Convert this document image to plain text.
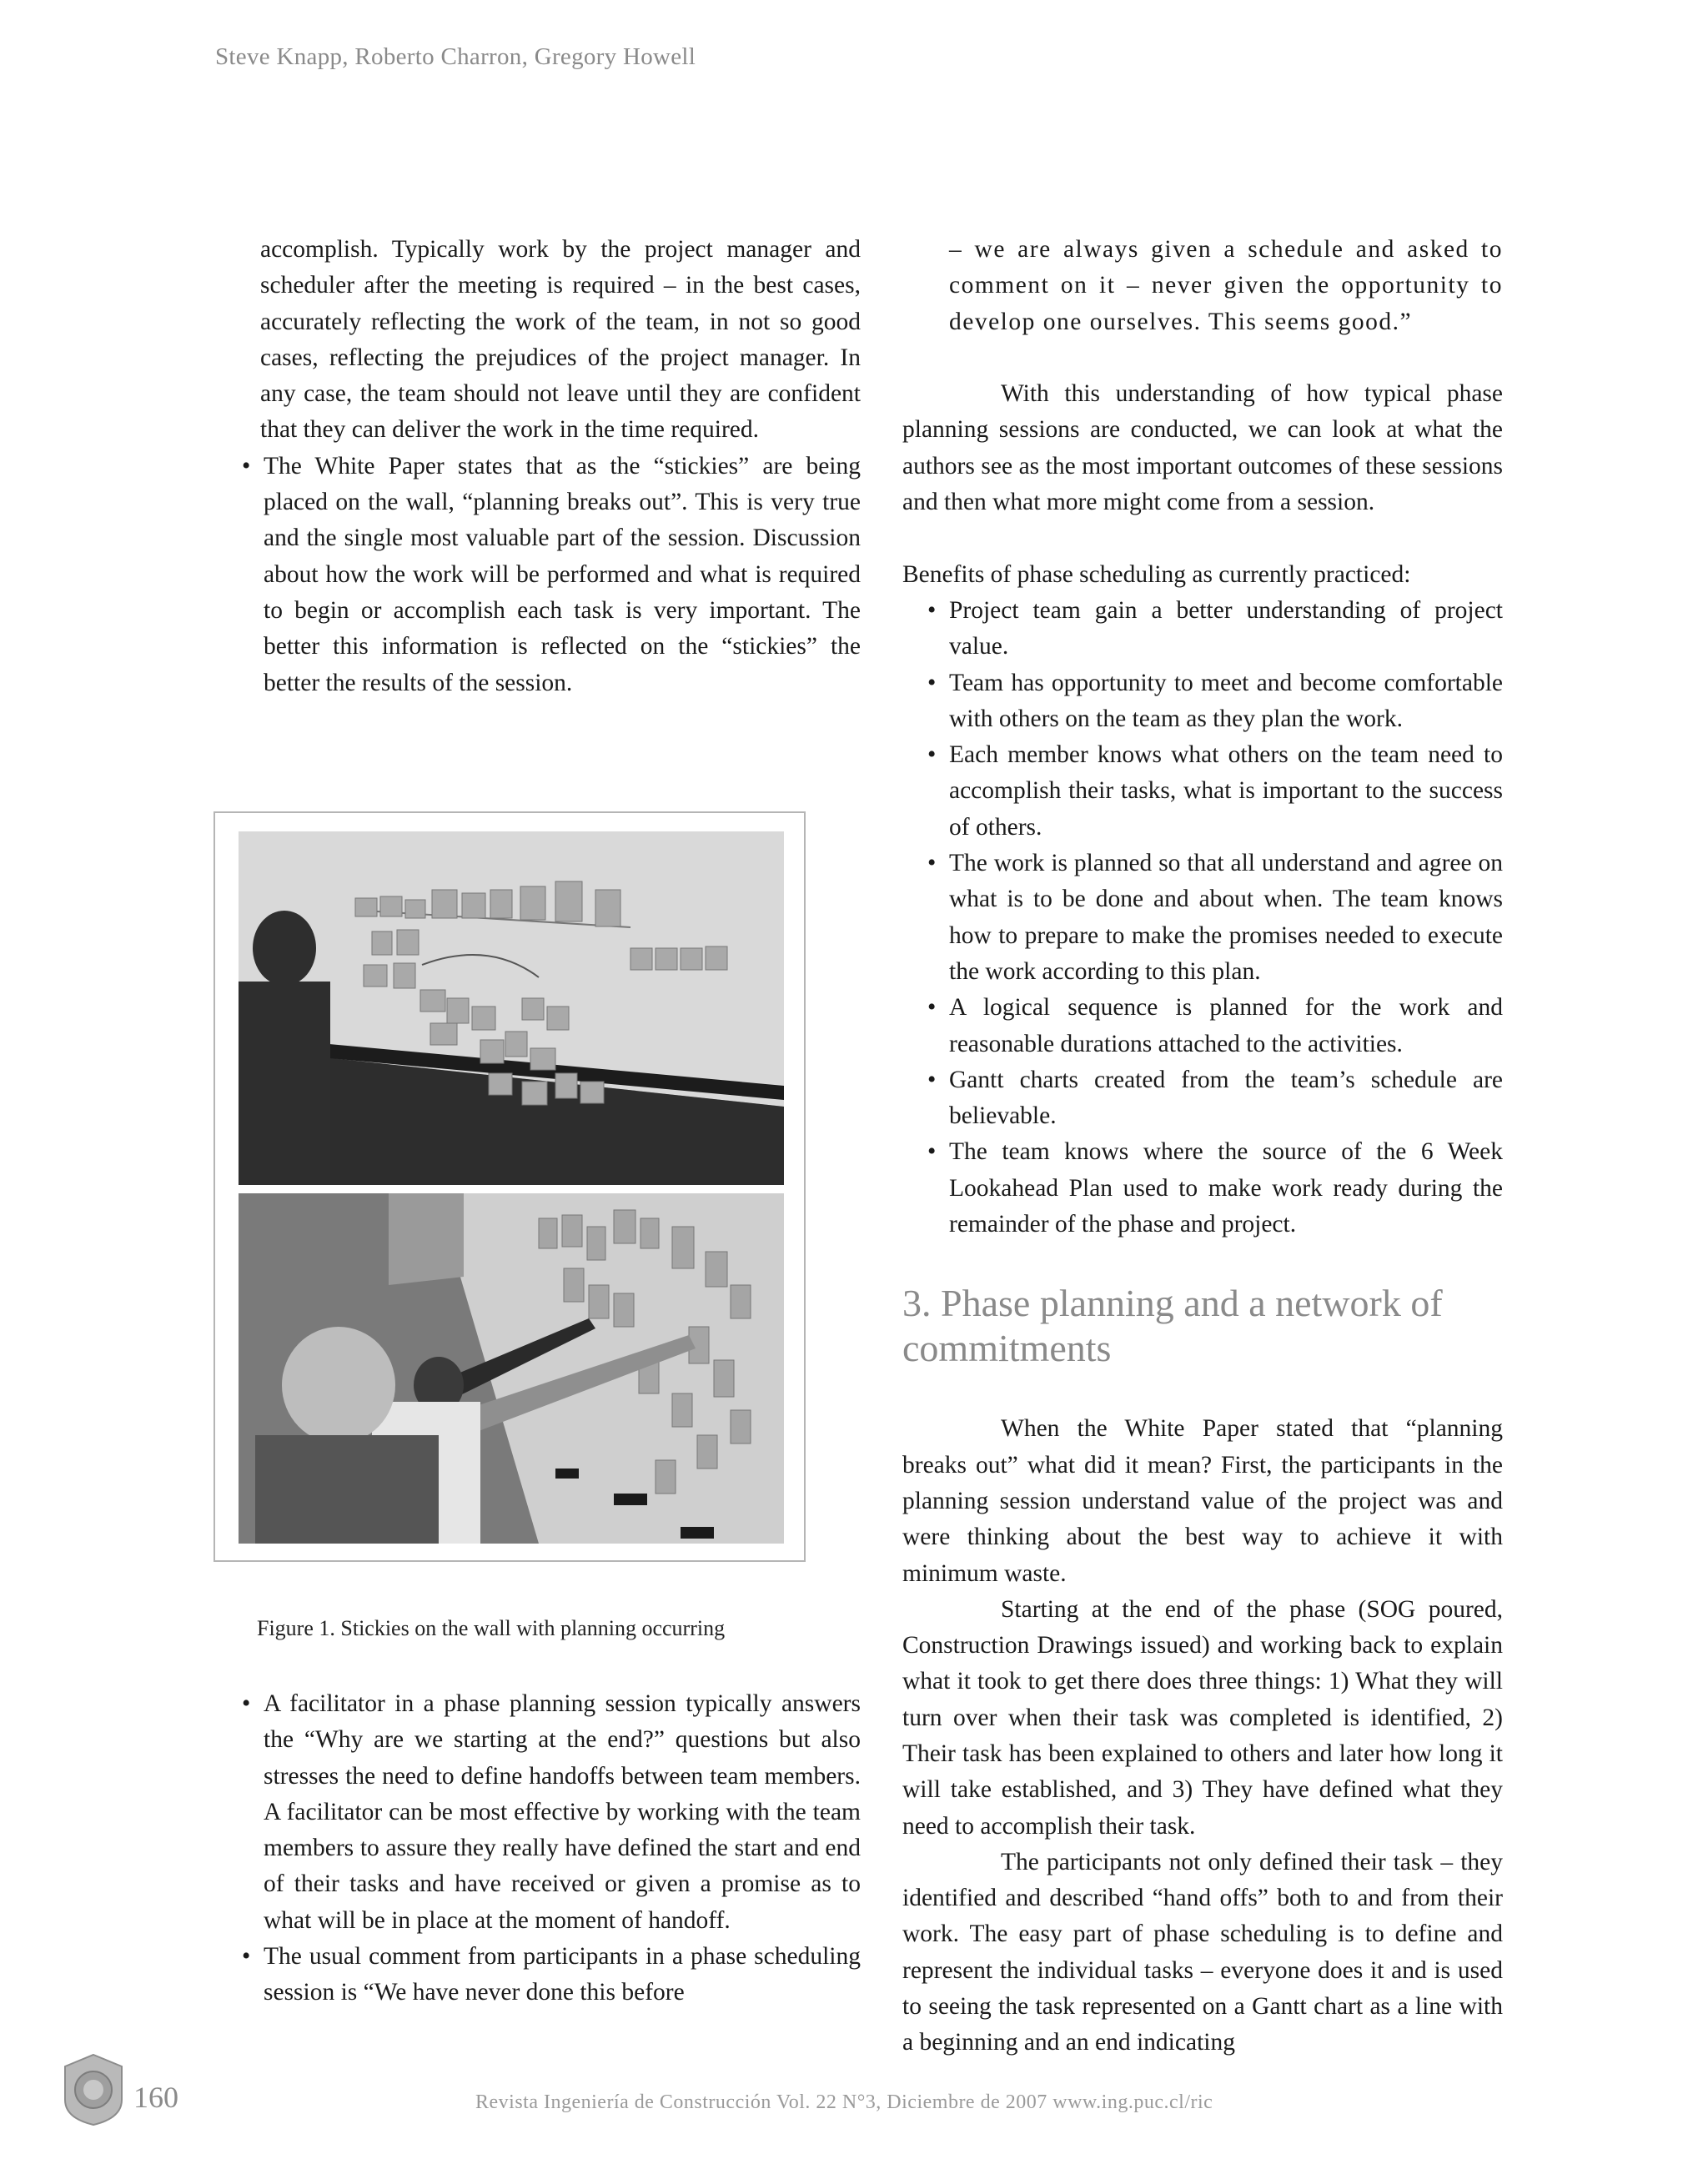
Steve Knapp, Roberto Charron, Gregory Howell

accomplish. Typically work by the project manager and scheduler after the meeting is required – in the best cases, accurately reflecting the work of the team, in not so good cases, reflecting the prejudices of the project manager. In any case, the team should not leave until they are confident that they can deliver the work in the time required.

• The White Paper states that as the “stickies” are being placed on the wall, “planning breaks out”. This is very true and the single most valuable part of the session. Discussion about how the work will be performed and what is required to begin or accomplish each task is very important. The better this information is reflected on the “stickies” the better the results of the session.
Figure 1. Stickies on the wall with planning occurring
• A facilitator in a phase planning session typically answers the “Why are we starting at the end?” questions but also stresses the need to define handoffs between team members. A facilitator can be most effective by working with the team members to assure they really have defined the start and end of their tasks and have received or given a promise as to what will be in place at the moment of handoff.
• The usual comment from participants in a phase scheduling session is “We have never done this before

– we are always given a schedule and asked to comment on it – never given the opportunity to develop one ourselves. This seems good.”

With this understanding of how typical phase planning sessions are conducted, we can look at what the authors see as the most important outcomes of these sessions and then what more might come from a session.

Benefits of phase scheduling as currently practiced:

• Project team gain a better understanding of project value.
• Team has opportunity to meet and become comfortable with others on the team as they plan the work.
• Each member knows what others on the team need to accomplish their tasks, what is important to the success of others.
• The work is planned so that all understand and agree on what is to be done and about when. The team knows how to prepare to make the promises needed to execute the work according to this plan.
• A logical sequence is planned for the work and reasonable durations attached to the activities.
• Gantt charts created from the team’s schedule are believable.
• The team knows where the source of the 6 Week Lookahead Plan used to make work ready during the remainder of the phase and project.
3. Phase planning and a network of commitments

When the White Paper stated that “planning breaks out” what did it mean? First, the participants in the planning session understand value of the project was and were thinking about the best way to achieve it with minimum waste.

Starting at the end of the phase (SOG poured, Construction Drawings issued) and working back to explain what it took to get there does three things: 1) What they will turn over when their task was completed is identified, 2) Their task has been explained to others and later how long it will take established, and 3) They have defined what they need to accomplish their task.

The participants not only defined their task – they identified and described “hand offs” both to and from their work. The easy part of phase scheduling is to define and represent the individual tasks – everyone does it and is used to seeing the task represented on a Gantt chart as a line with a beginning and an end indicating

160	Revista Ingeniería de Construcción Vol. 22 N°3, Diciembre de 2007 www.ing.puc.cl/ric
